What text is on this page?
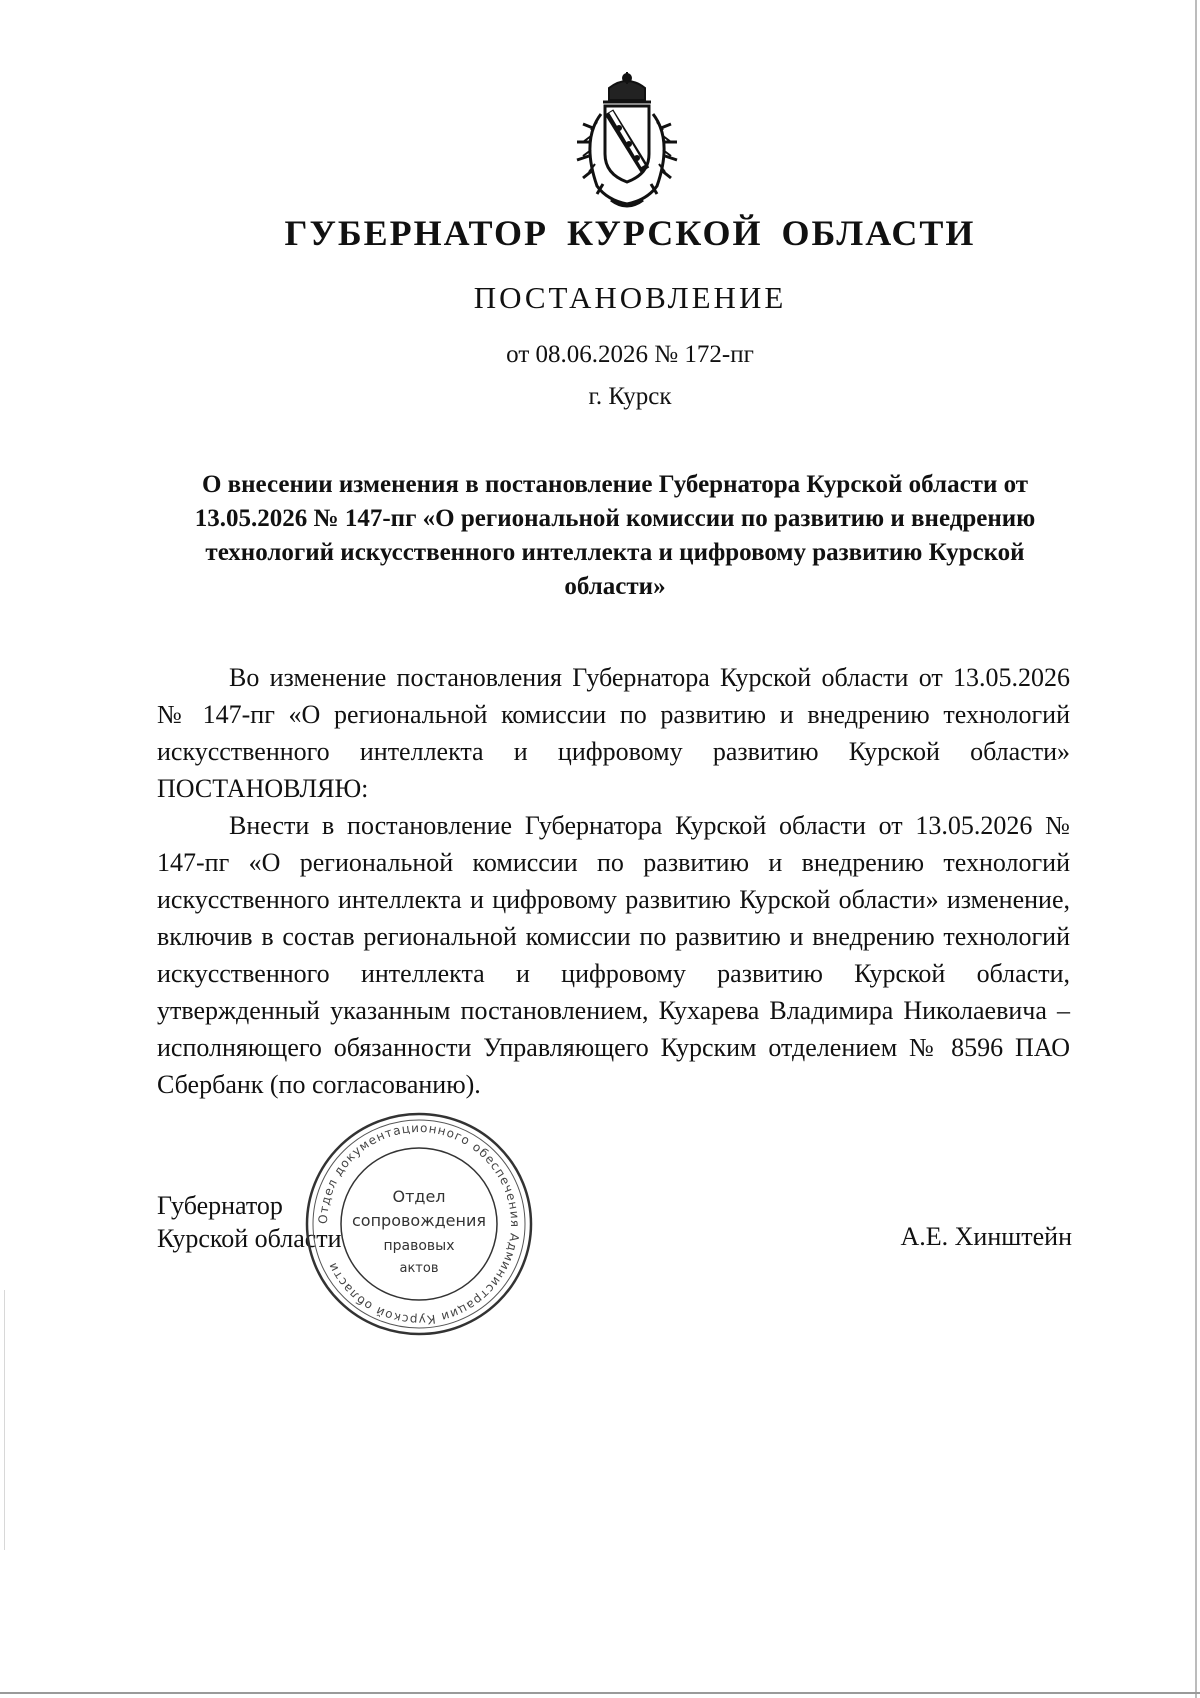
ГУБЕРНАТОР КУРСКОЙ ОБЛАСТИ
ПОСТАНОВЛЕНИЕ
от 08.06.2026 № 172-пг
г. Курск
О внесении изменения в постановление Губернатора Курской области от 13.05.2026 № 147-пг «О региональной комиссии по развитию и внедрению технологий искусственного интеллекта и цифровому развитию Курской области»

Во изменение постановления Губернатора Курской области от 13.05.2026 № 147-пг «О региональной комиссии по развитию и внедрению технологий искусственного интеллекта и цифровому развитию Курской области» ПОСТАНОВЛЯЮ:

Внести в постановление Губернатора Курской области от 13.05.2026 № 147-пг «О региональной комиссии по развитию и внедрению технологий искусственного интеллекта и цифровому развитию Курской области» изменение, включив в состав региональной комиссии по развитию и внедрению технологий искусственного интеллекта и цифровому развитию Курской области, утвержденный указанным постановлением, Кухарева Владимира Николаевича – исполняющего обязанности Управляющего Курским отделением № 8596 ПАО Сбербанк (по согласованию).

Губернатор
Курской области	А.Е. Хинштейн
Отдел документационного обеспечения Администрации Курской области
Отдел
сопровождения
правовых
актов
